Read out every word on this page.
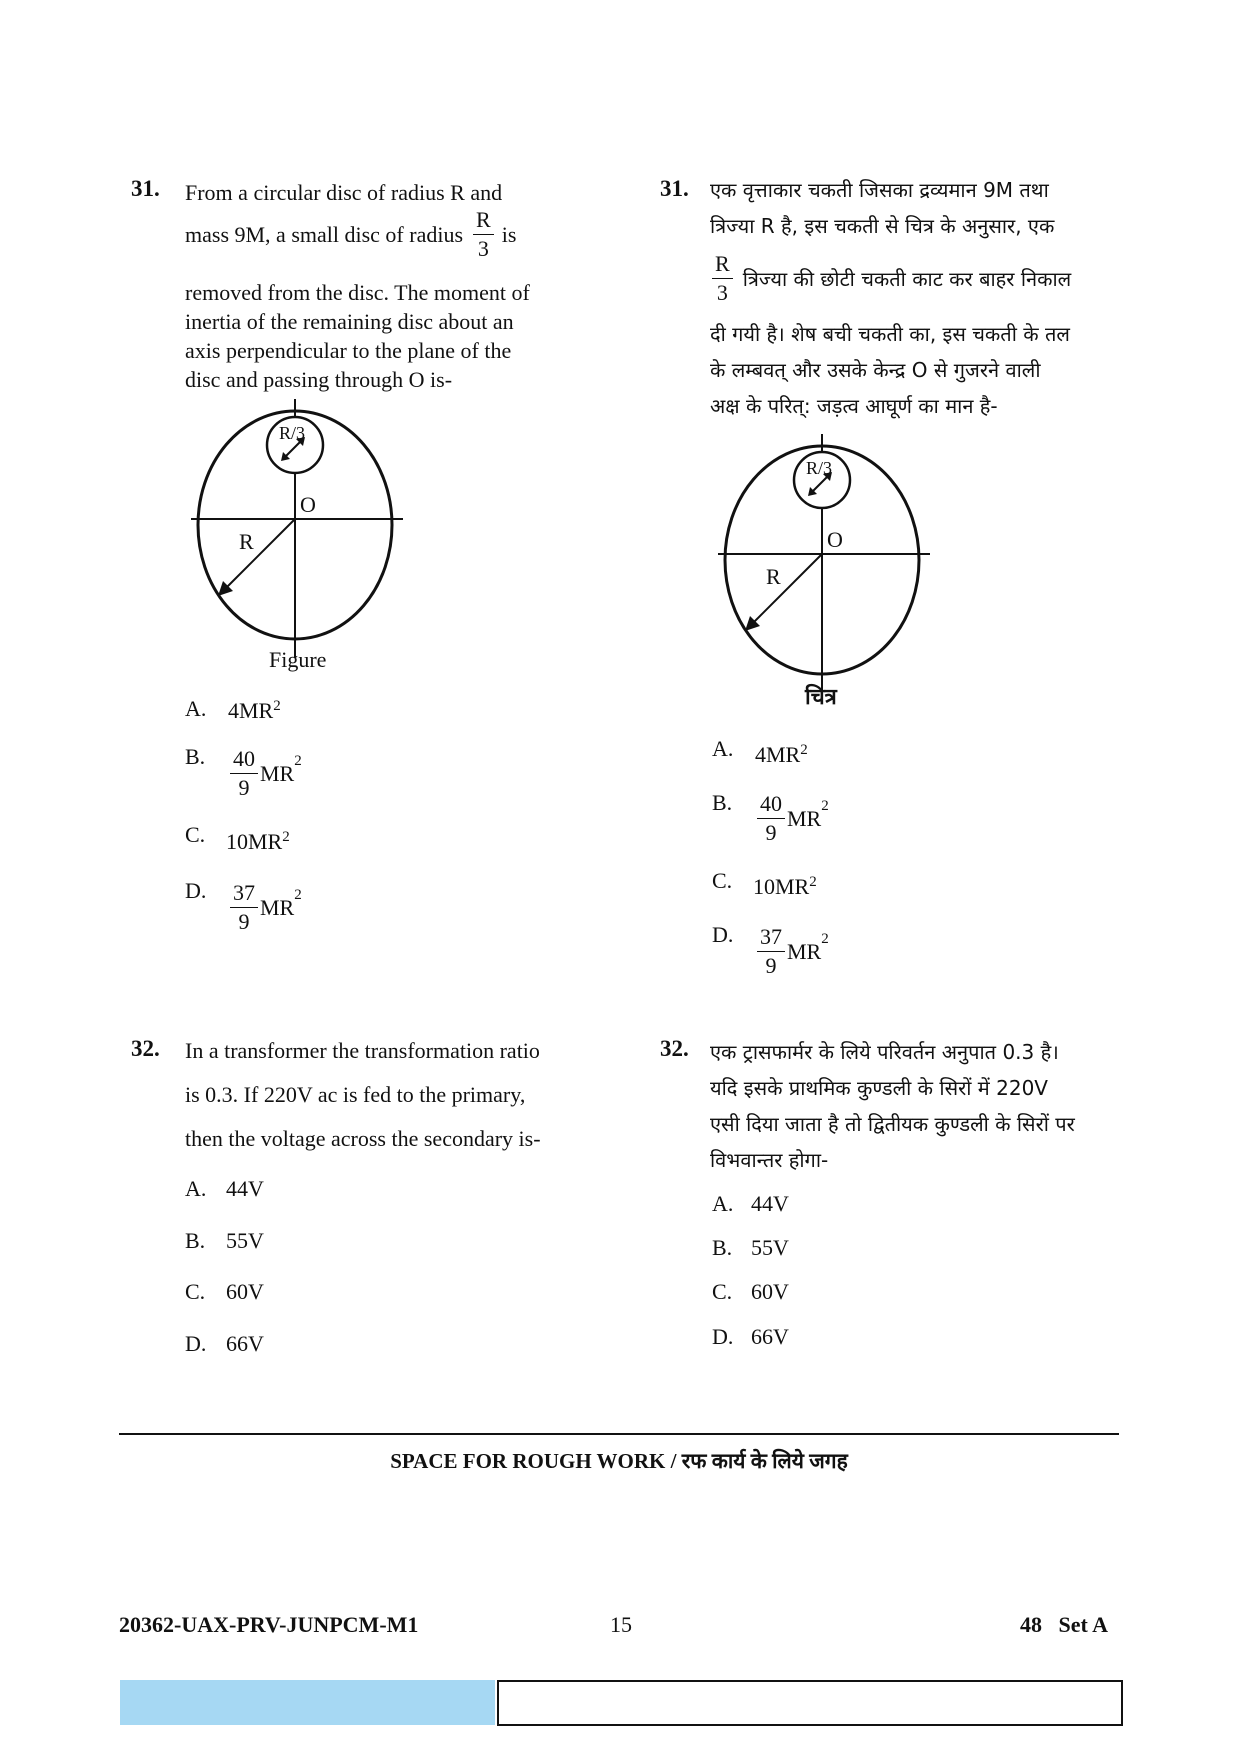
31. From a circular disc of radius R and
mass 9M, a small disc of radius $\frac{R}{3}$ is
removed from the disc. The moment of
inertia of the remaining disc about an
axis perpendicular to the plane of the
disc and passing through O is-
R/3
O
R
Figure
A. 4MR2
B. $\frac{40}{9}$ MR 2
C. 10MR2
D. $\frac{37}{9}$ MR 2
31. एक वृत्ताकार चकती जिसका द्रव्यमान 9M तथा
त्रिज्या R है, इस चकती से चित्र के अनुसार, एक
$\frac{R}{3}$ त्रिज्या की छोटी चकती काट कर बाहर निकाल
दी गयी है। शेष बची चकती का, इस चकती के तल
के लम्बवत् और उसके केन्द्र O से गुजरने वाली
अक्ष के परित्: जड़त्व आघूर्ण का मान है-
R/3
O
R
चित्र
A. 4MR2
B. $\frac{40}{9}$ MR 2
C. 10MR2
D. $\frac{37}{9}$ MR 2
32. In a transformer the transformation ratio
is 0.3. If 220V ac is fed to the primary,
then the voltage across the secondary is-
A. 44V
B. 55V
C. 60V
D. 66V
32. एक ट्रासफार्मर के लिये परिवर्तन अनुपात 0.3 है।
यदि इसके प्राथमिक कुण्डली के सिरों में 220V
एसी दिया जाता है तो द्वितीयक कुण्डली के सिरों पर
विभवान्तर होगा-
A. 44V
B. 55V
C. 60V
D. 66V
SPACE FOR ROUGH WORK / रफ कार्य के लिये जगह
20362-UAX-PRV-JUNPCM-M1	15	48   Set A
